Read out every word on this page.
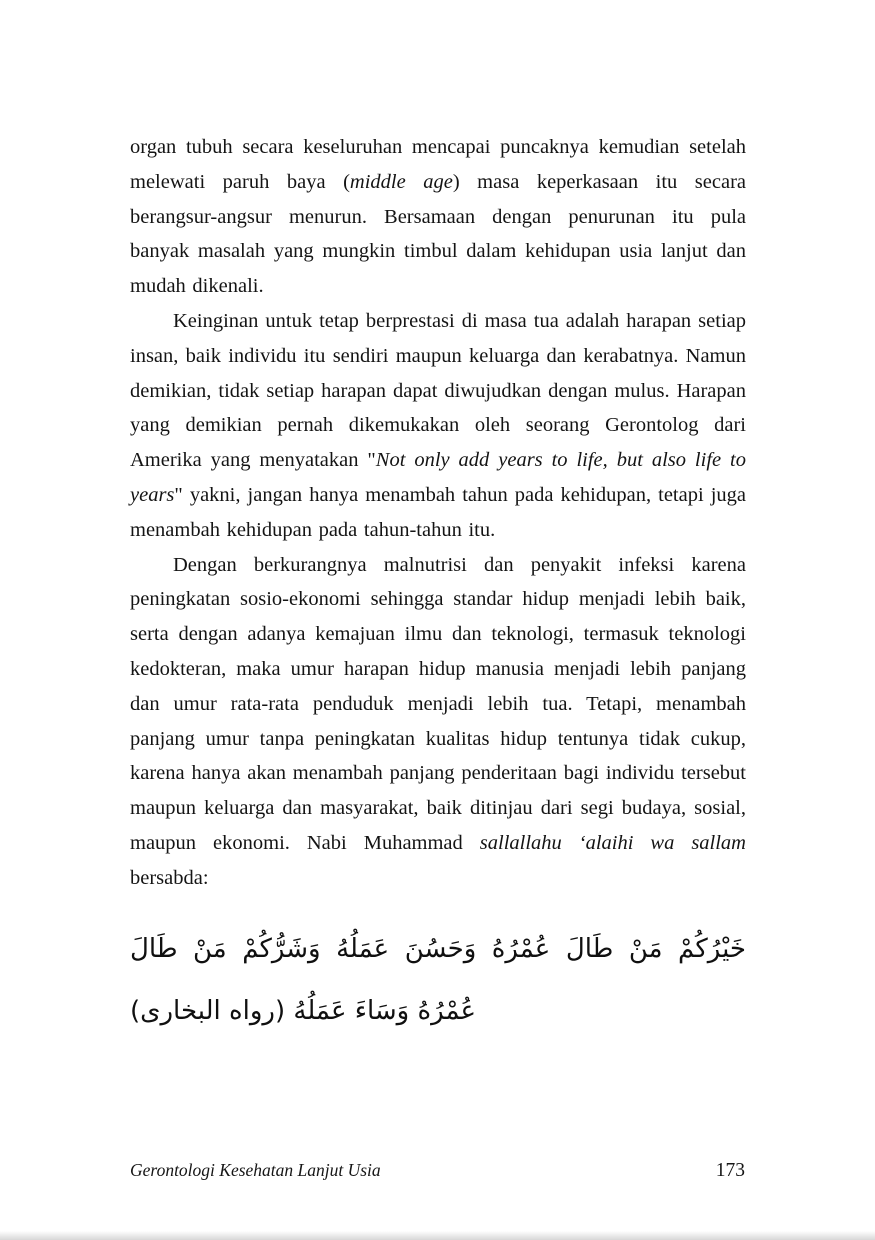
organ tubuh secara keseluruhan mencapai puncaknya kemudian setelah melewati paruh baya (middle age) masa keperkasaan itu secara berangsur-angsur menurun. Bersamaan dengan penurunan itu pula banyak masalah yang mungkin timbul dalam kehidupan usia lanjut dan mudah dikenali.

Keinginan untuk tetap berprestasi di masa tua adalah harapan setiap insan, baik individu itu sendiri maupun keluarga dan kerabatnya. Namun demikian, tidak setiap harapan dapat diwujudkan dengan mulus. Harapan yang demikian pernah dikemukakan oleh seorang Gerontolog dari Amerika yang menyatakan "Not only add years to life, but also life to years" yakni, jangan hanya menambah tahun pada kehidupan, tetapi juga menambah kehidupan pada tahun-tahun itu.

Dengan berkurangnya malnutrisi dan penyakit infeksi karena peningkatan sosio-ekonomi sehingga standar hidup menjadi lebih baik, serta dengan adanya kemajuan ilmu dan teknologi, termasuk teknologi kedokteran, maka umur harapan hidup manusia menjadi lebih panjang dan umur rata-rata penduduk menjadi lebih tua. Tetapi, menambah panjang umur tanpa peningkatan kualitas hidup tentunya tidak cukup, karena hanya akan menambah panjang penderitaan bagi individu tersebut maupun keluarga dan masyarakat, baik ditinjau dari segi budaya, sosial, maupun ekonomi. Nabi Muhammad sallallahu ‘alaihi wa sallam bersabda:

خَيْرُكُمْ مَنْ طَالَ عُمْرُهُ وَحَسُنَ عَمَلُهُ وَشَرُّكُمْ مَنْ طَالَ عُمْرُهُ وَسَاءَ عَمَلُهُ (رواه البخارى)

Gerontologi Kesehatan Lanjut Usia	173
